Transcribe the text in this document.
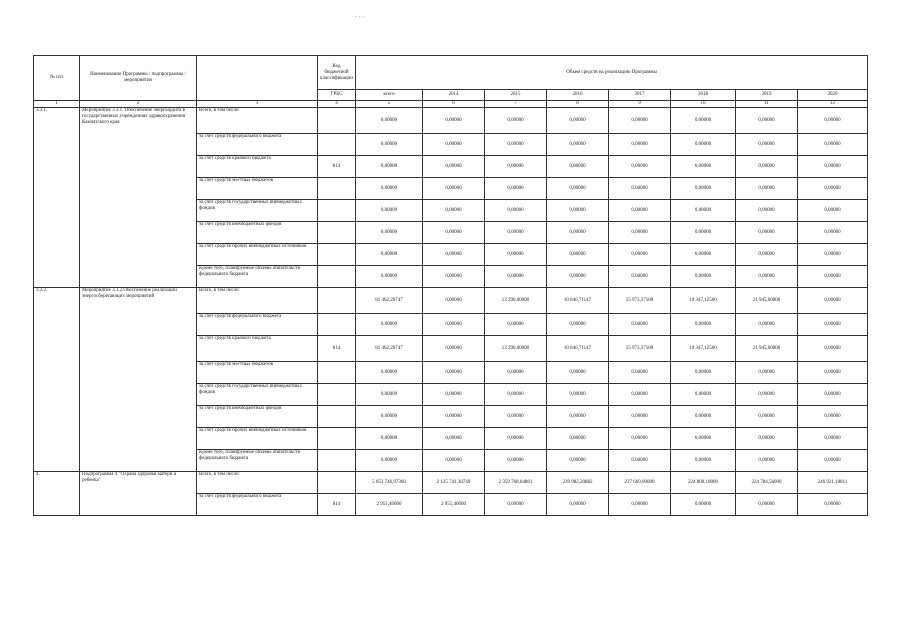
- - -
№ п/п	Наименование Программы / подпрограммы / мероприятия		Код бюджетной классификации	Объем средств на реализацию Программы							
			ГРБС	всего	2014	2015	2016	2017	2018	2019	2020
1	2	3	4	5	6	7	8	9	10	11	12
3.3.1.	Мероприятие 3.3.1. Обеспечение энергоаудита в государственных учреждениях здравоохранения Камчатского края	Всего, в том числе:		0,00000	0,00000	0,00000	0,00000	0,00000	0,00000	0,00000	0,00000
		за счет средств федерального бюджета		0,00000	0,00000	0,00000	0,00000	0,00000	0,00000	0,00000	0,00000
		за счет средств краевого бюджета	814	0,00000	0,00000	0,00000	0,00000	0,00000	0,00000	0,00000	0,00000
		за счет средств местных бюджетов		0,00000	0,00000	0,00000	0,00000	0,00000	0,00000	0,00000	0,00000
		за счет средств государственных внебюджетных фондов		0,00000	0,00000	0,00000	0,00000	0,00000	0,00000	0,00000	0,00000
		за счет средств внебюджетных фондов		0,00000	0,00000	0,00000	0,00000	0,00000	0,00000	0,00000	0,00000
		за счет средств прочих внебюджетных источников		0,00000	0,00000	0,00000	0,00000	0,00000	0,00000	0,00000	0,00000
		Кроме того, планируемые объемы обязательств федерального бюджета		0,00000	0,00000	0,00000	0,00000	0,00000	0,00000	0,00000	0,00000
3.3.2.	Мероприятие 3.3.2.Обеспечение реализации энергосберегающих мероприятий	Всего, в том числе:		81 402,20747	0,00000	13 290,00000	10 846,71147	15 973,37100	19 347,12500	21 945,00000	0,00000
		за счет средств федерального бюджета		0,00000	0,00000	0,00000	0,00000	0,00000	0,00000	0,00000	0,00000
		за счет средств краевого бюджета	814	81 402,20747	0,00000	13 290,00000	10 846,71147	15 973,37100	19 347,12500	21 945,00000	0,00000
		за счет средств местных бюджетов		0,00000	0,00000	0,00000	0,00000	0,00000	0,00000	0,00000	0,00000
		за счет средств государственных внебюджетных фондов		0,00000	0,00000	0,00000	0,00000	0,00000	0,00000	0,00000	0,00000
		за счет средств внебюджетных фондов		0,00000	0,00000	0,00000	0,00000	0,00000	0,00000	0,00000	0,00000
		за счет средств прочих внебюджетных источников		0,00000	0,00000	0,00000	0,00000	0,00000	0,00000	0,00000	0,00000
		Кроме того, планируемые объемы обязательств федерального бюджета		0,00000	0,00000	0,00000	0,00000	0,00000	0,00000	0,00000	0,00000
4.	Подпрограмма 4 "Охрана здоровья матери и ребенка"	Всего, в том числе:		5 653 746,97360	2 125 741,30749	2 359 768,64861	239 982,20882	237 669,00000	224 800,10000	224 784,56000	246 921,10811
		за счет средств федерального бюджета	814	2 951,40000	2 951,40000	0,00000	0,00000	0,00000	0,00000	0,00000	0,00000
